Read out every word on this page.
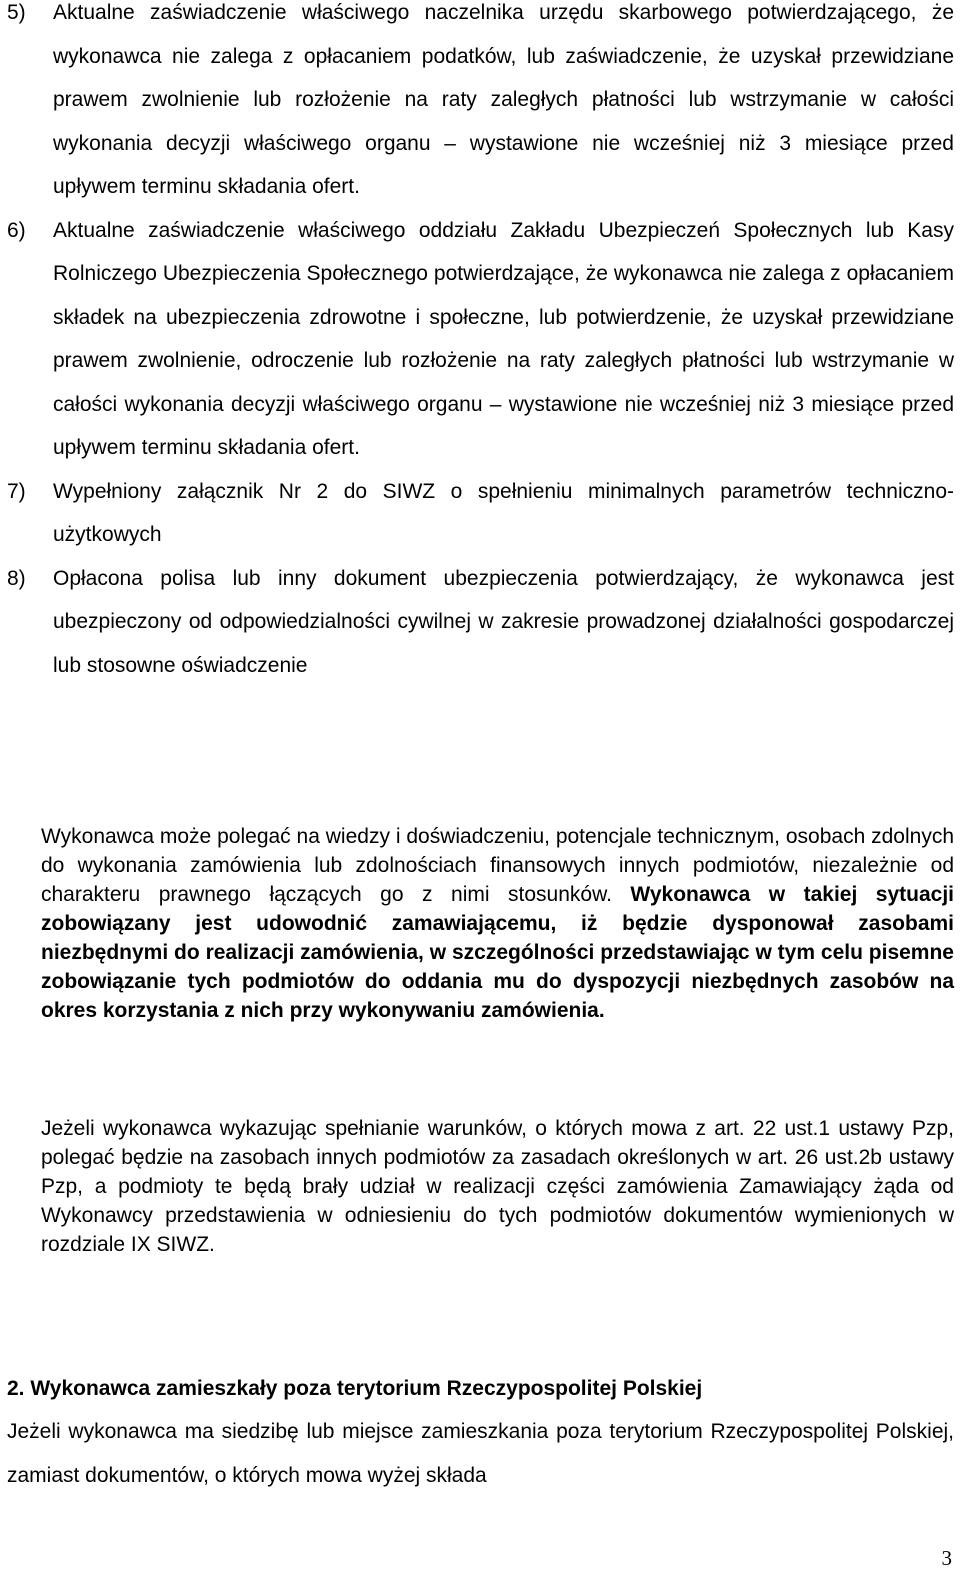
5) Aktualne zaświadczenie właściwego naczelnika urzędu skarbowego potwierdzającego, że wykonawca nie zalega z opłacaniem podatków, lub zaświadczenie, że uzyskał przewidziane prawem zwolnienie lub rozłożenie na raty zaległych płatności lub wstrzymanie w całości wykonania decyzji właściwego organu – wystawione nie wcześniej niż 3 miesiące przed upływem terminu składania ofert.
6) Aktualne zaświadczenie właściwego oddziału Zakładu Ubezpieczeń Społecznych lub Kasy Rolniczego Ubezpieczenia Społecznego potwierdzające, że wykonawca nie zalega z opłacaniem składek na ubezpieczenia zdrowotne i społeczne, lub potwierdzenie, że uzyskał przewidziane prawem zwolnienie, odroczenie lub rozłożenie na raty zaległych płatności lub wstrzymanie w całości wykonania decyzji właściwego organu – wystawione nie wcześniej niż 3 miesiące przed upływem terminu składania ofert.
7) Wypełniony załącznik Nr 2 do SIWZ o spełnieniu minimalnych parametrów techniczno-użytkowych
8) Opłacona polisa lub inny dokument ubezpieczenia potwierdzający, że wykonawca jest ubezpieczony od odpowiedzialności cywilnej w zakresie prowadzonej działalności gospodarczej lub stosowne oświadczenie

Wykonawca może polegać na wiedzy i doświadczeniu, potencjale technicznym, osobach zdolnych do wykonania zamówienia lub zdolnościach finansowych innych podmiotów, niezależnie od charakteru prawnego łączących go z nimi stosunków. Wykonawca w takiej sytuacji zobowiązany jest udowodnić zamawiającemu, iż będzie dysponował zasobami niezbędnymi do realizacji zamówienia, w szczególności przedstawiając w tym celu pisemne zobowiązanie tych podmiotów do oddania mu do dyspozycji niezbędnych zasobów na okres korzystania z nich przy wykonywaniu zamówienia.

Jeżeli wykonawca wykazując spełnianie warunków, o których mowa z art. 22 ust.1 ustawy Pzp, polegać będzie na zasobach innych podmiotów za zasadach określonych w art. 26 ust.2b ustawy Pzp, a podmioty te będą brały udział w realizacji części zamówienia Zamawiający żąda od Wykonawcy przedstawienia w odniesieniu do tych podmiotów dokumentów wymienionych w rozdziale IX SIWZ.

2. Wykonawca zamieszkały poza terytorium Rzeczypospolitej Polskiej

Jeżeli wykonawca ma siedzibę lub miejsce zamieszkania poza terytorium Rzeczypospolitej Polskiej, zamiast dokumentów, o których mowa wyżej składa

3
